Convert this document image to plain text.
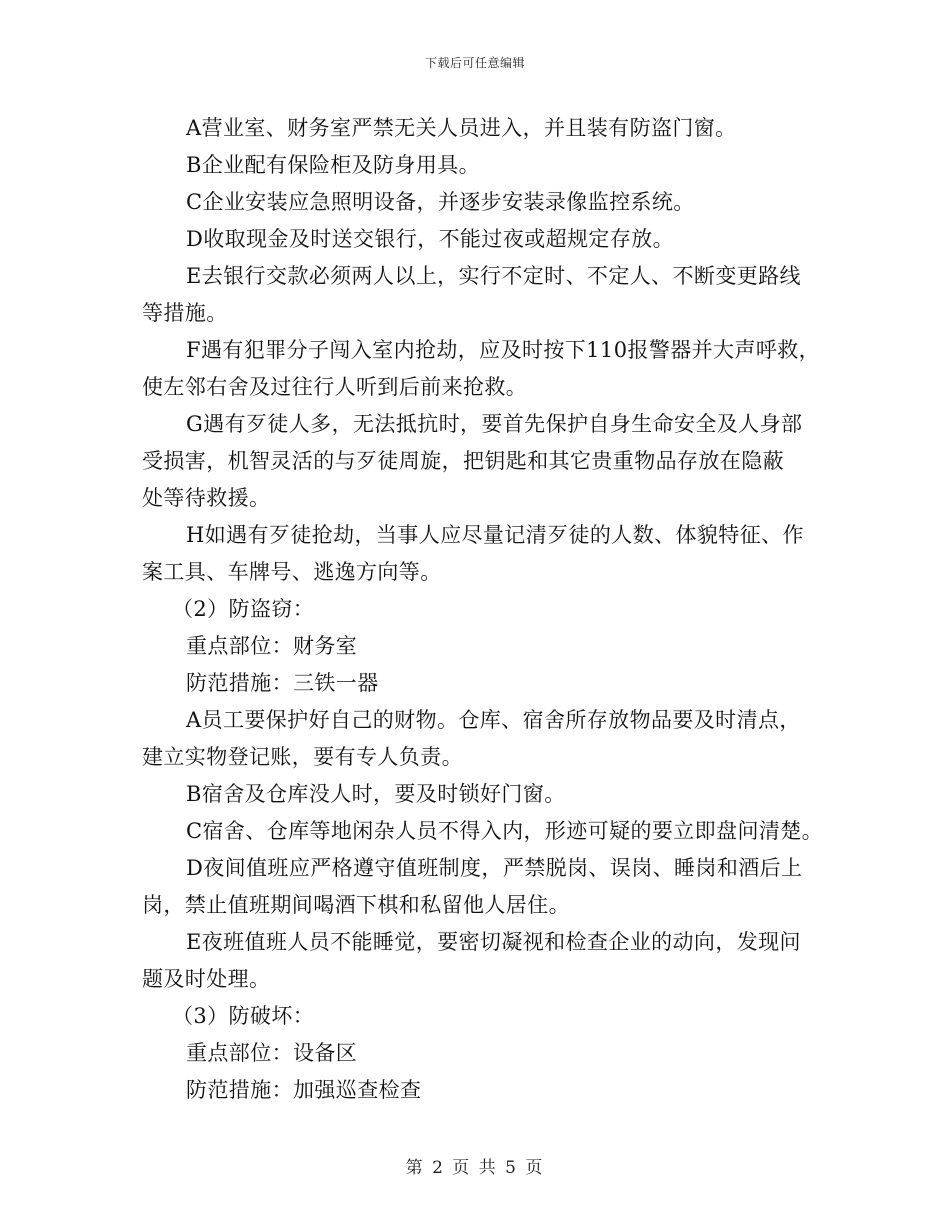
下载后可任意编辑
A营业室、财务室严禁无关人员进入，并且装有防盗门窗。
B企业配有保险柜及防身用具。
C企业安装应急照明设备，并逐步安装录像监控系统。
D收取现金及时送交银行，不能过夜或超规定存放。
E去银行交款必须两人以上，实行不定时、不定人、不断变更路线
等措施。
F遇有犯罪分子闯入室内抢劫，应及时按下110报警器并大声呼救，
使左邻右舍及过往行人听到后前来抢救。
G遇有歹徒人多，无法抵抗时，要首先保护自身生命安全及人身部
受损害，机智灵活的与歹徒周旋，把钥匙和其它贵重物品存放在隐蔽
处等待救援。
H如遇有歹徒抢劫，当事人应尽量记清歹徒的人数、体貌特征、作
案工具、车牌号、逃逸方向等。
（2）防盗窃：
重点部位：财务室
防范措施：三铁一器
A员工要保护好自己的财物。仓库、宿舍所存放物品要及时清点，
建立实物登记账，要有专人负责。
B宿舍及仓库没人时，要及时锁好门窗。
C宿舍、仓库等地闲杂人员不得入内，形迹可疑的要立即盘问清楚。
D夜间值班应严格遵守值班制度，严禁脱岗、误岗、睡岗和酒后上
岗，禁止值班期间喝酒下棋和私留他人居住。
E夜班值班人员不能睡觉，要密切凝视和检查企业的动向，发现问
题及时处理。
（3）防破坏：
重点部位：设备区
防范措施：加强巡查检查
第 2 页 共 5 页
